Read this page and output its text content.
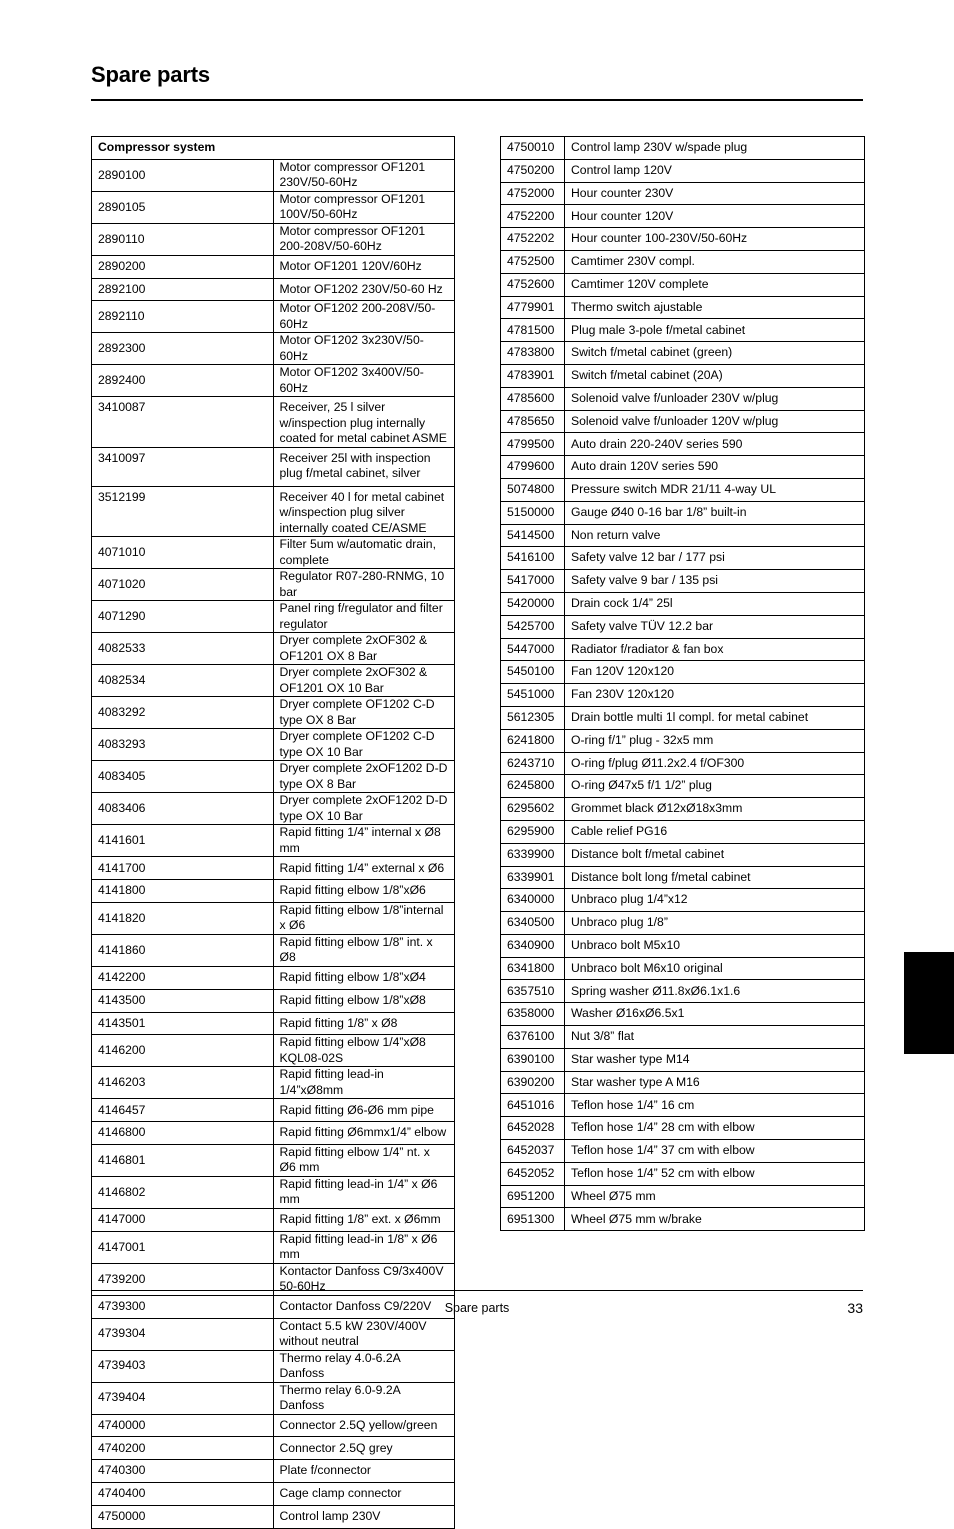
Spare parts
Compressor system	
2890100	Motor compressor OF1201 230V/50-60Hz
2890105	Motor compressor OF1201 100V/50-60Hz
2890110	Motor compressor OF1201 200-208V/50-60Hz
2890200	Motor OF1201 120V/60Hz
2892100	Motor OF1202 230V/50-60 Hz
2892110	Motor OF1202 200-208V/50-60Hz
2892300	Motor OF1202 3x230V/50-60Hz
2892400	Motor OF1202 3x400V/50-60Hz
3410087	Receiver, 25 l silver w/inspection plug internally coated for metal cabinet ASME
3410097	Receiver 25l with inspection plug f/metal cabinet, silver
3512199	Receiver 40 l for metal cabinet w/inspection plug silver internally coated CE/ASME
4071010	Filter 5um w/automatic drain, complete
4071020	Regulator R07-280-RNMG, 10 bar
4071290	Panel ring f/regulator and filter regulator
4082533	Dryer complete 2xOF302 & OF1201 OX 8 Bar
4082534	Dryer complete 2xOF302 & OF1201 OX 10 Bar
4083292	Dryer complete OF1202 C-D type OX 8 Bar
4083293	Dryer complete OF1202 C-D type OX 10 Bar
4083405	Dryer complete 2xOF1202 D-D type OX 8 Bar
4083406	Dryer complete 2xOF1202 D-D type OX 10 Bar
4141601	Rapid fitting 1/4” internal x Ø8 mm
4141700	Rapid fitting 1/4” external x Ø6
4141800	Rapid fitting elbow 1/8”xØ6
4141820	Rapid fitting elbow 1/8”internal x Ø6
4141860	Rapid fitting elbow 1/8” int. x Ø8
4142200	Rapid fitting elbow 1/8”xØ4
4143500	Rapid fitting elbow 1/8”xØ8
4143501	Rapid fitting 1/8” x Ø8
4146200	Rapid fitting elbow 1/4”xØ8 KQL08-02S
4146203	Rapid fitting lead-in 1/4”xØ8mm
4146457	Rapid fitting Ø6-Ø6 mm pipe
4146800	Rapid fitting Ø6mmx1/4” elbow
4146801	Rapid fitting elbow 1/4” nt. x Ø6 mm
4146802	Rapid fitting lead-in 1/4” x Ø6 mm
4147000	Rapid fitting 1/8” ext. x Ø6mm
4147001	Rapid fitting lead-in 1/8” x Ø6 mm
4739200	Kontactor Danfoss C9/3x400V 50-60Hz
4739300	Contactor Danfoss C9/220V
4739304	Contact 5.5 kW 230V/400V without neutral
4739403	Thermo relay 4.0-6.2A Danfoss
4739404	Thermo relay 6.0-9.2A Danfoss
4740000	Connector 2.5Q yellow/green
4740200	Connector 2.5Q grey
4740300	Plate f/connector
4740400	Cage clamp connector
4750000	Control lamp 230V
4750010	Control lamp 230V w/spade plug
4750200	Control lamp 120V
4752000	Hour counter 230V
4752200	Hour counter 120V
4752202	Hour counter 100-230V/50-60Hz
4752500	Camtimer 230V compl.
4752600	Camtimer 120V complete
4779901	Thermo switch ajustable
4781500	Plug male 3-pole f/metal cabinet
4783800	Switch f/metal cabinet (green)
4783901	Switch f/metal cabinet (20A)
4785600	Solenoid valve f/unloader 230V w/plug
4785650	Solenoid valve f/unloader 120V w/plug
4799500	Auto drain 220-240V series 590
4799600	Auto drain 120V series 590
5074800	Pressure switch MDR 21/11 4-way UL
5150000	Gauge Ø40 0-16 bar 1/8” built-in
5414500	Non return valve
5416100	Safety valve 12 bar / 177 psi
5417000	Safety valve 9 bar / 135 psi
5420000	Drain cock 1/4” 25l
5425700	Safety valve TÜV 12.2 bar
5447000	Radiator f/radiator & fan box
5450100	Fan 120V 120x120
5451000	Fan 230V 120x120
5612305	Drain bottle multi 1l compl. for metal cabinet
6241800	O-ring f/1” plug - 32x5 mm
6243710	O-ring f/plug Ø11.2x2.4 f/OF300
6245800	O-ring Ø47x5 f/1 1/2” plug
6295602	Grommet black Ø12xØ18x3mm
6295900	Cable relief PG16
6339900	Distance bolt f/metal cabinet
6339901	Distance bolt long f/metal cabinet
6340000	Unbraco plug 1/4”x12
6340500	Unbraco plug 1/8”
6340900	Unbraco bolt M5x10
6341800	Unbraco bolt M6x10 original
6357510	Spring washer Ø11.8xØ6.1x1.6
6358000	Washer Ø16xØ6.5x1
6376100	Nut 3/8” flat
6390100	Star washer type M14
6390200	Star washer type A M16
6451016	Teflon hose 1/4” 16 cm
6452028	Teflon hose 1/4” 28 cm with elbow
6452037	Teflon hose 1/4” 37 cm with elbow
6452052	Teflon hose 1/4” 52 cm with elbow
6951200	Wheel Ø75 mm
6951300	Wheel Ø75 mm w/brake
Spare parts	33
